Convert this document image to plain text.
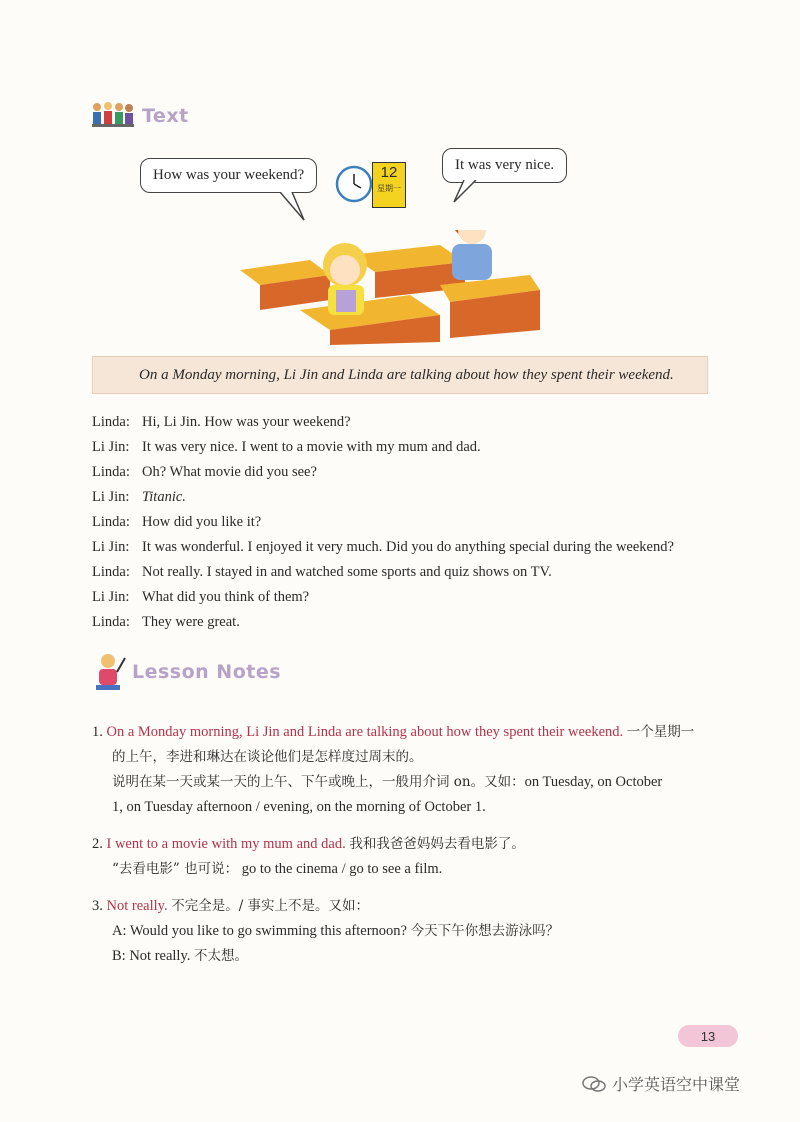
Text
12
星期一
How was your weekend?
It was very nice.
On a Monday morning, Li Jin and Linda are talking about how they spent their weekend.
Linda: Hi, Li Jin. How was your weekend?
Li Jin: It was very nice. I went to a movie with my mum and dad.
Linda: Oh? What movie did you see?
Li Jin: Titanic.
Linda: How did you like it?
Li Jin: It was wonderful. I enjoyed it very much. Did you do anything special during the weekend?
Linda: Not really. I stayed in and watched some sports and quiz shows on TV.
Li Jin: What did you think of them?
Linda: They were great.
Lesson Notes
1. On a Monday morning, Li Jin and Linda are talking about how they spent their weekend. 一个星期一
的上午，李进和琳达在谈论他们是怎样度过周末的。
说明在某一天或某一天的上午、下午或晚上，一般用介词 on。又如：on Tuesday, on October
1, on Tuesday afternoon / evening, on the morning of October 1.
2. I went to a movie with my mum and dad. 我和我爸爸妈妈去看电影了。
“去看电影” 也可说： go to the cinema / go to see a film.
3. Not really. 不完全是。/ 事实上不是。又如：
A: Would you like to go swimming this afternoon? 今天下午你想去游泳吗？
B: Not really. 不太想。
13
小学英语空中课堂
